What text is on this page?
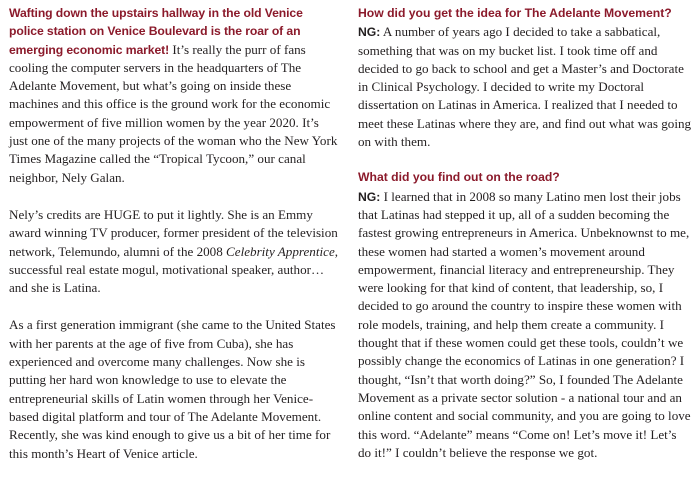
Wafting down the upstairs hallway in the old Venice police station on Venice Boulevard is the roar of an emerging economic market! It’s really the purr of fans cooling the computer servers in the headquarters of The Adelante Movement, but what’s going on inside these machines and this office is the ground work for the economic empowerment of five million women by the year 2020. It’s just one of the many projects of the woman who the New York Times Magazine called the “Tropical Tycoon,” our canal neighbor, Nely Galan.

Nely’s credits are HUGE to put it lightly. She is an Emmy award winning TV producer, former president of the television network, Telemundo, alumni of the 2008 Celebrity Apprentice, successful real estate mogul, motivational speaker, author…and she is Latina.

As a first generation immigrant (she came to the United States with her parents at the age of five from Cuba), she has experienced and overcome many challenges. Now she is putting her hard won knowledge to use to elevate the entrepreneurial skills of Latin women through her Venice-based digital platform and tour of The Adelante Movement. Recently, she was kind enough to give us a bit of her time for this month’s Heart of Venice article.

How did you get the idea for The Adelante Movement?

NG: A number of years ago I decided to take a sabbatical, something that was on my bucket list. I took time off and decided to go back to school and get a Master’s and Doctorate in Clinical Psychology. I decided to write my Doctoral dissertation on Latinas in America. I realized that I needed to meet these Latinas where they are, and find out what was going on with them.

What did you find out on the road?

NG: I learned that in 2008 so many Latino men lost their jobs that Latinas had stepped it up, all of a sudden becoming the fastest growing entrepreneurs in America. Unbeknownst to me, these women had started a women’s movement around empowerment, financial literacy and entrepreneurship. They were looking for that kind of content, that leadership, so, I decided to go around the country to inspire these women with role models, training, and help them create a community. I thought that if these women could get these tools, couldn’t we possibly change the economics of Latinas in one generation? I thought, “Isn’t that worth doing?” So, I founded The Adelante Movement as a private sector solution - a national tour and an online content and social community, and you are going to love this word. “Adelante” means “Come on! Let’s move it! Let’s do it!” I couldn’t believe the response we got.
